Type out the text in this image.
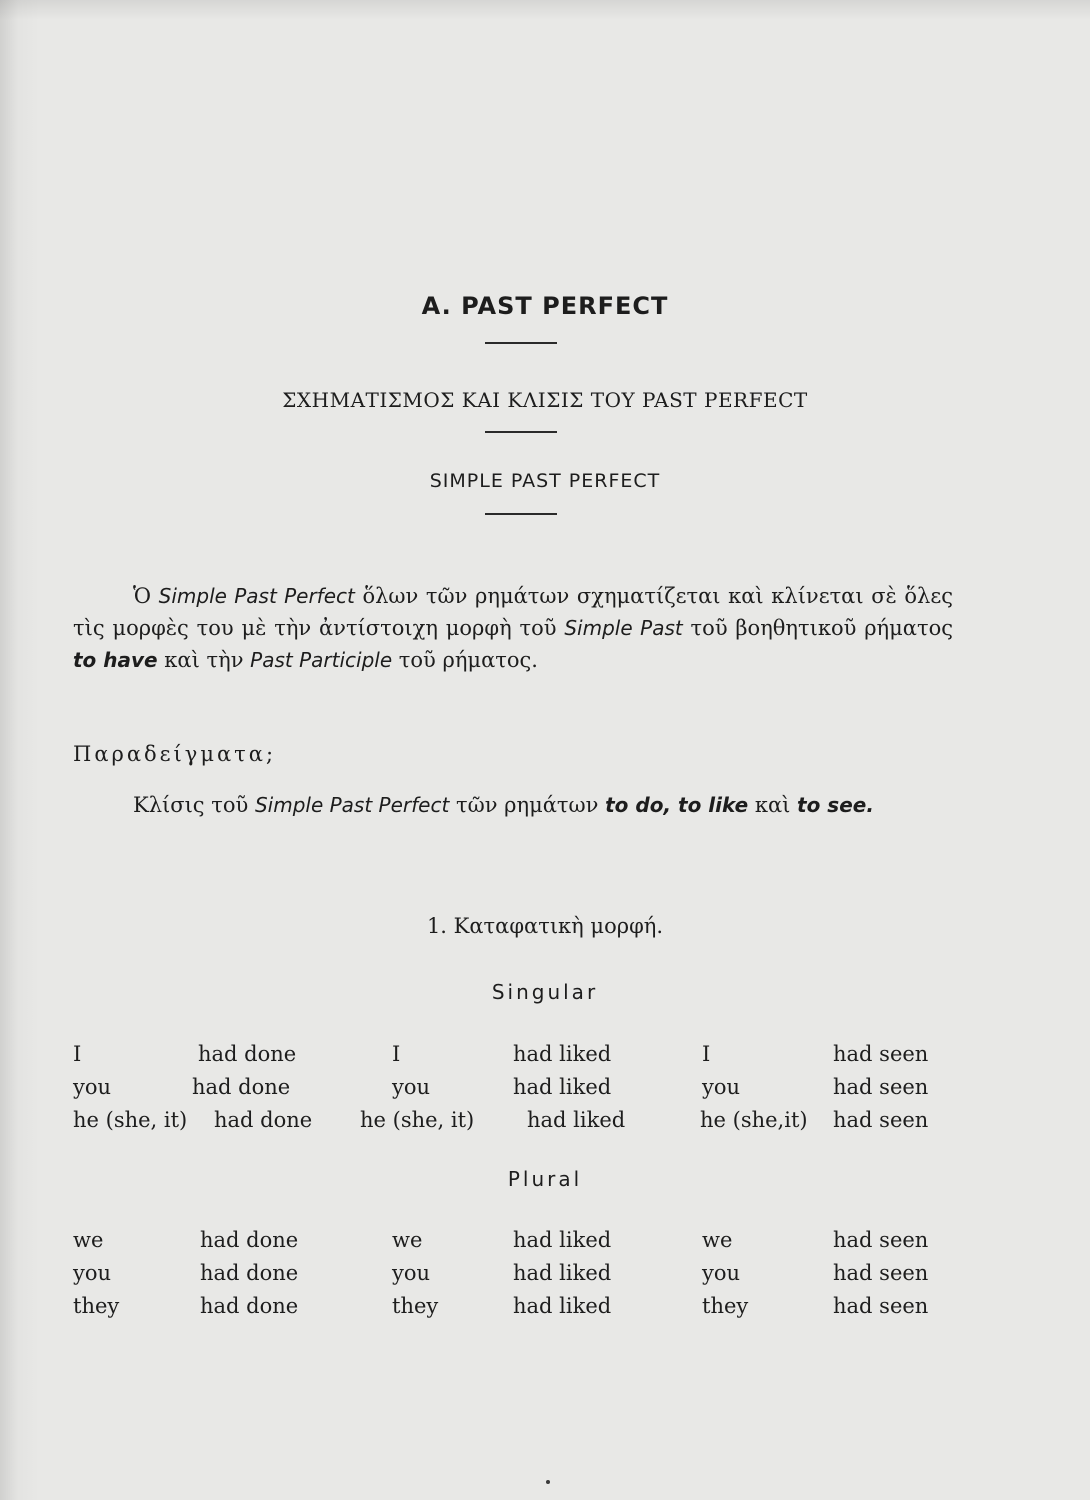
A. PAST PERFECT
ΣΧΗΜΑΤΙΣΜΟΣ ΚΑΙ ΚΛΙΣΙΣ ΤΟΥ PAST PERFECT
SIMPLE PAST PERFECT

Ὁ Simple Past Perfect ὅλων τῶν ρημάτων σχηματίζεται καὶ κλίνεται σὲ ὅλες τὶς μορφὲς του μὲ τὴν ἀντίστοιχη μορφὴ τοῦ Simple Past τοῦ βοηθητικοῦ ρήματος to have καὶ τὴν Past Participle τοῦ ρήματος.

Παραδείγματα;

Κλίσις τοῦ Simple Past Perfect τῶν ρημάτων to do, to like καὶ to see.

1. Καταφατικὴ μορφή.
Singular
I	had done	I	had liked	I	had seen
you	had done	you	had liked	you	had seen
he (she, it) had done he (she, it)	had liked	he (she,it) had seen
Plural
we	had done	we	had liked	we	had seen
you	had done	you	had liked	you	had seen
they	had done	they	had liked	they	had seen
